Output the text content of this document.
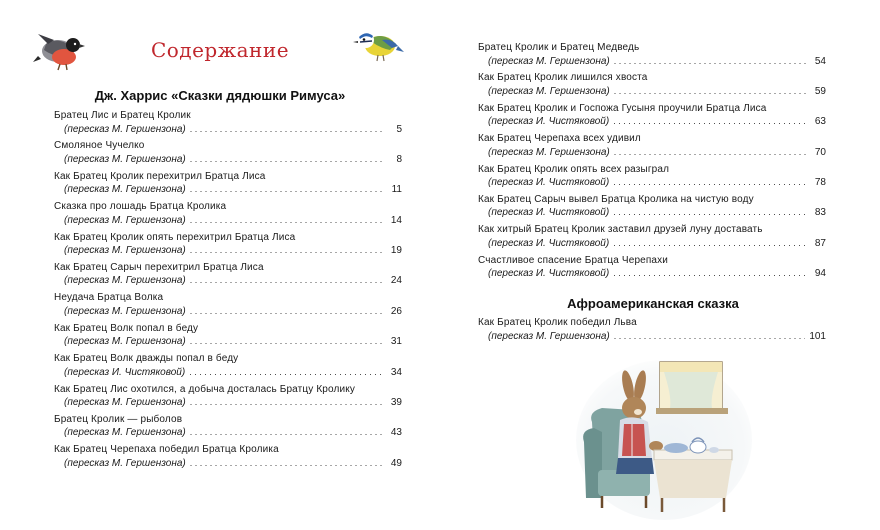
Содержание
Дж. Харрис «Сказки дядюшки Римуса»
Братец Лис и Братец Кролик
(пересказ М. Гершензона) . . .	5
Смоляное Чучелко
(пересказ М. Гершензона) . . .	8
Как Братец Кролик перехитрил Братца Лиса
(пересказ М. Гершензона) . . .	11
Сказка про лошадь Братца Кролика
(пересказ М. Гершензона) . . .	14
Как Братец Кролик опять перехитрил Братца Лиса
(пересказ М. Гершензона) . . .	19
Как Братец Сарыч перехитрил Братца Лиса
(пересказ М. Гершензона) . . .	24
Неудача Братца Волка
(пересказ М. Гершензона) . . .	26
Как Братец Волк попал в беду
(пересказ М. Гершензона) . . .	31
Как Братец Волк дважды попал в беду
(пересказ И. Чистяковой) . . .	34
Как Братец Лис охотился, а добыча досталась Братцу Кролику
(пересказ М. Гершензона) . . .	39
Братец Кролик — рыболов
(пересказ М. Гершензона) . . .	43
Как Братец Черепаха победил Братца Кролика
(пересказ М. Гершензона) . . .	49
Братец Кролик и Братец Медведь
(пересказ М. Гершензона) . . .	54
Как Братец Кролик лишился хвоста
(пересказ М. Гершензона) . . .	59
Как Братец Кролик и Госпожа Гусыня проучили Братца Лиса
(пересказ И. Чистяковой) . . .	63
Как Братец Черепаха всех удивил
(пересказ М. Гершензона) . . .	70
Как Братец Кролик опять всех разыграл
(пересказ И. Чистяковой) . . .	78
Как Братец Сарыч вывел Братца Кролика на чистую воду
(пересказ И. Чистяковой) . . .	83
Как хитрый Братец Кролик заставил друзей луну доставать
(пересказ И. Чистяковой) . . .	87
Счастливое спасение Братца Черепахи
(пересказ И. Чистяковой) . . .	94
Афроамериканская сказка
Как Братец Кролик победил Льва
(пересказ М. Гершензона) . . .	101
